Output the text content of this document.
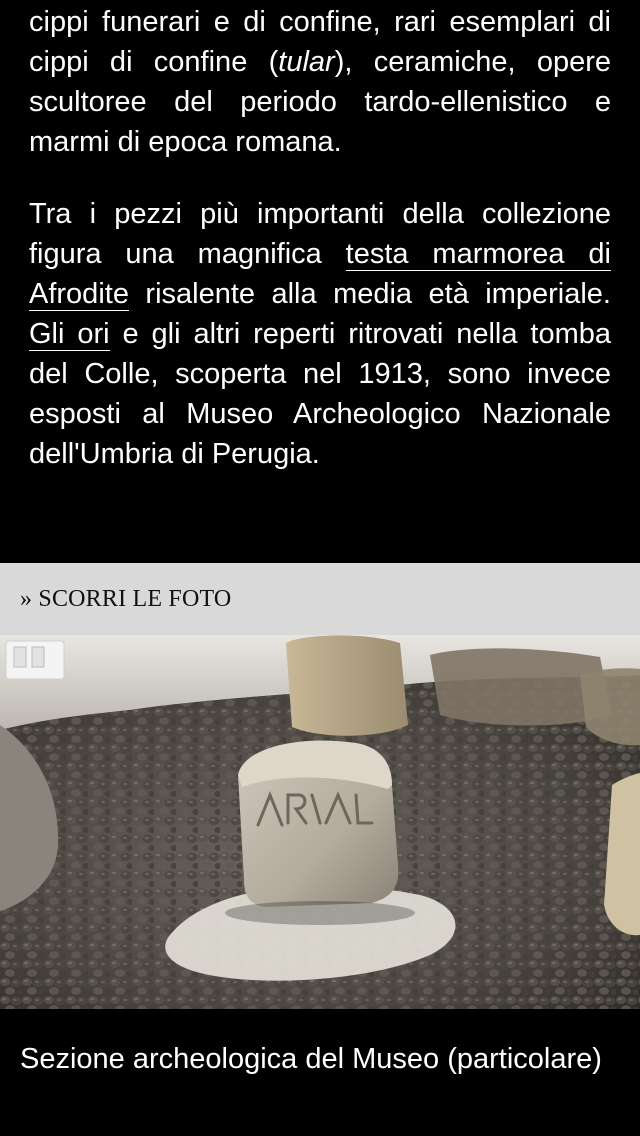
cippi funerari e di confine, rari esemplari di cippi di confine (tular), ceramiche, opere scultoree del periodo tardo-ellenistico e marmi di epoca romana.

Tra i pezzi più importanti della collezione figura una magnifica testa marmorea di Afrodite risalente alla media età imperiale. Gli ori e gli altri reperti ritrovati nella tomba del Colle, scoperta nel 1913, sono invece esposti al Museo Archeologico Nazionale dell'Umbria di Perugia.

» SCORRI LE FOTO
Sezione archeologica del Museo (particolare)
